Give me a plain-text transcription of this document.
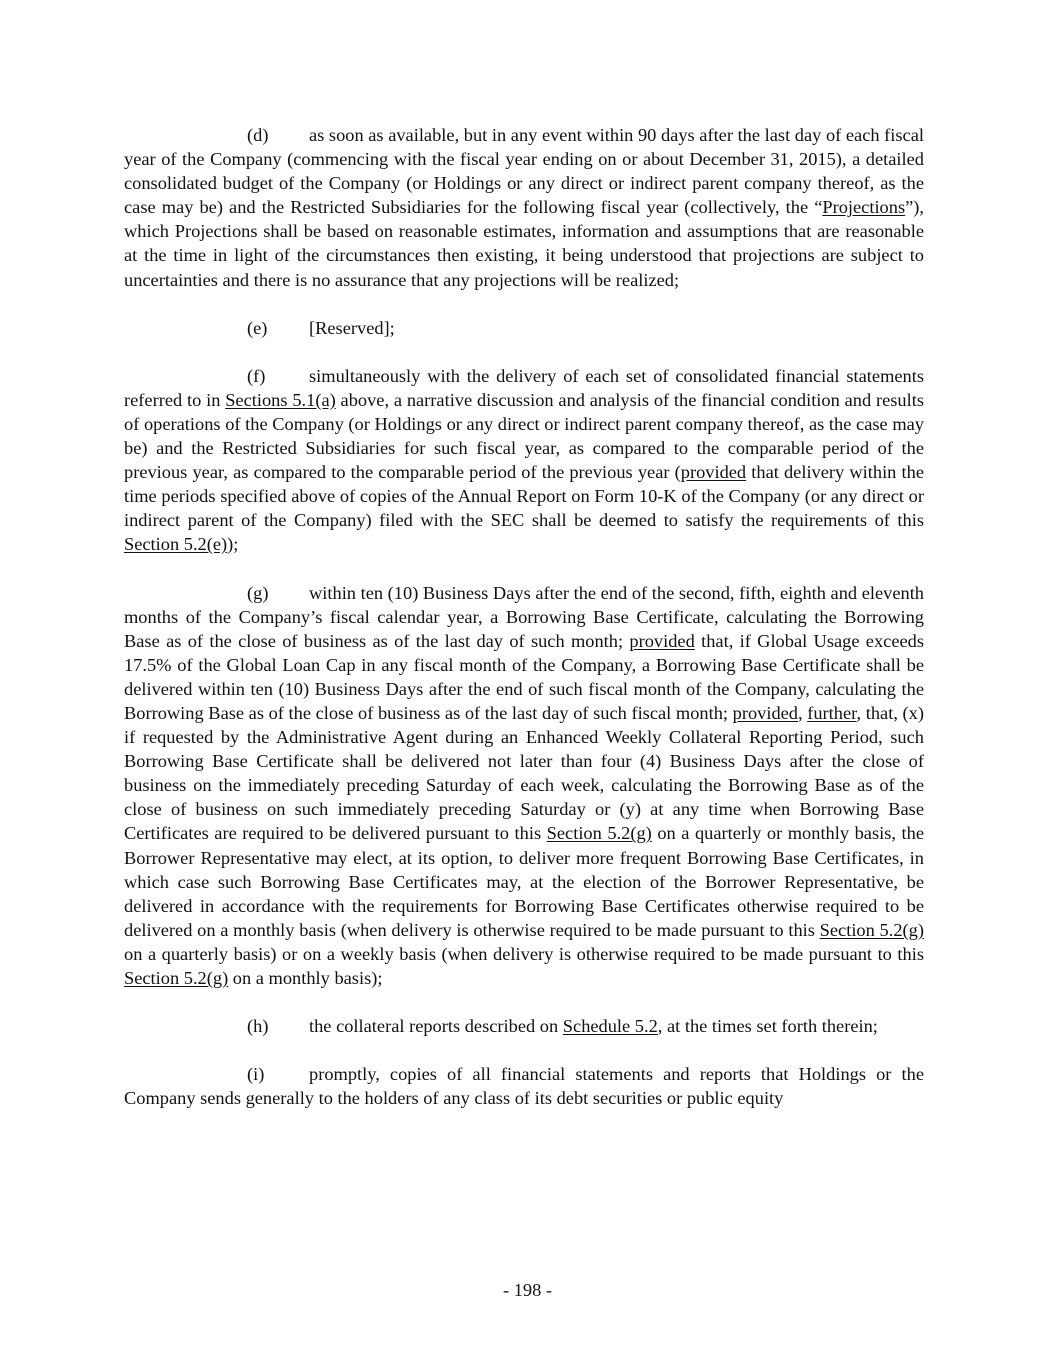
(d) as soon as available, but in any event within 90 days after the last day of each fiscal year of the Company (commencing with the fiscal year ending on or about December 31, 2015), a detailed consolidated budget of the Company (or Holdings or any direct or indirect parent company thereof, as the case may be) and the Restricted Subsidiaries for the following fiscal year (collectively, the “Projections”), which Projections shall be based on reasonable estimates, information and assumptions that are reasonable at the time in light of the circumstances then existing, it being understood that projections are subject to uncertainties and there is no assurance that any projections will be realized;

(e) [Reserved];

(f) simultaneously with the delivery of each set of consolidated financial statements referred to in Sections 5.1(a) above, a narrative discussion and analysis of the financial condition and results of operations of the Company (or Holdings or any direct or indirect parent company thereof, as the case may be) and the Restricted Subsidiaries for such fiscal year, as compared to the comparable period of the previous year, as compared to the comparable period of the previous year (provided that delivery within the time periods specified above of copies of the Annual Report on Form 10-K of the Company (or any direct or indirect parent of the Company) filed with the SEC shall be deemed to satisfy the requirements of this Section 5.2(e));

(g) within ten (10) Business Days after the end of the second, fifth, eighth and eleventh months of the Company’s fiscal calendar year, a Borrowing Base Certificate, calculating the Borrowing Base as of the close of business as of the last day of such month; provided that, if Global Usage exceeds 17.5% of the Global Loan Cap in any fiscal month of the Company, a Borrowing Base Certificate shall be delivered within ten (10) Business Days after the end of such fiscal month of the Company, calculating the Borrowing Base as of the close of business as of the last day of such fiscal month; provided, further, that, (x) if requested by the Administrative Agent during an Enhanced Weekly Collateral Reporting Period, such Borrowing Base Certificate shall be delivered not later than four (4) Business Days after the close of business on the immediately preceding Saturday of each week, calculating the Borrowing Base as of the close of business on such immediately preceding Saturday or (y) at any time when Borrowing Base Certificates are required to be delivered pursuant to this Section 5.2(g) on a quarterly or monthly basis, the Borrower Representative may elect, at its option, to deliver more frequent Borrowing Base Certificates, in which case such Borrowing Base Certificates may, at the election of the Borrower Representative, be delivered in accordance with the requirements for Borrowing Base Certificates otherwise required to be delivered on a monthly basis (when delivery is otherwise required to be made pursuant to this Section 5.2(g) on a quarterly basis) or on a weekly basis (when delivery is otherwise required to be made pursuant to this Section 5.2(g) on a monthly basis);

(h) the collateral reports described on Schedule 5.2, at the times set forth therein;

(i) promptly, copies of all financial statements and reports that Holdings or the Company sends generally to the holders of any class of its debt securities or public equity

- 198 -
